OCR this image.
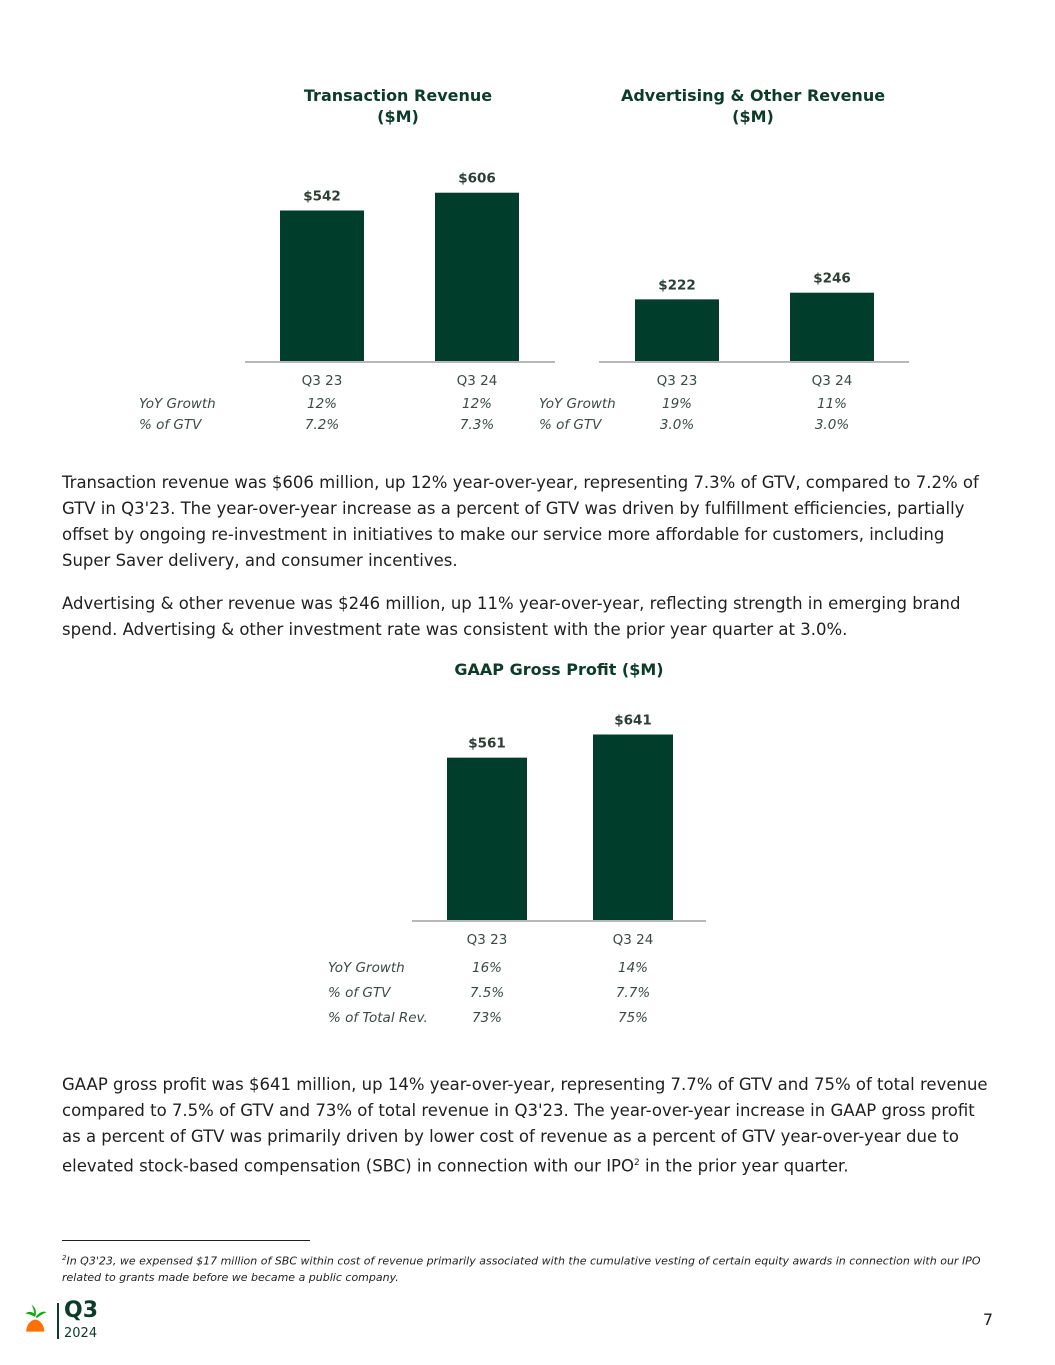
Transaction Revenue
($M)
$542
Q3 23
$606
Q3 24
YoY Growth	12%	12%
% of GTV	7.2%	7.3%
Advertising & Other Revenue
($M)
$222
Q3 23
$246
Q3 24
YoY Growth	19%	11%
% of GTV	3.0%	3.0%
GAAP Gross Profit ($M)
$561
Q3 23
$641
Q3 24
YoY Growth	16%	14%
% of GTV	7.5%	7.7%
% of Total Rev.	73%	75%

Transaction revenue was $606 million, up 12% year-over-year, representing 7.3% of GTV, compared to 7.2% of GTV in Q3'23. The year-over-year increase as a percent of GTV was driven by fulfillment efficiencies, partially offset by ongoing re-investment in initiatives to make our service more affordable for customers, including Super Saver delivery, and consumer incentives.

Advertising & other revenue was $246 million, up 11% year-over-year, reflecting strength in emerging brand spend. Advertising & other investment rate was consistent with the prior year quarter at 3.0%.

GAAP gross profit was $641 million, up 14% year-over-year, representing 7.7% of GTV and 75% of total revenue compared to 7.5% of GTV and 73% of total revenue in Q3'23. The year-over-year increase in GAAP gross profit as a percent of GTV was primarily driven by lower cost of revenue as a percent of GTV year-over-year due to elevated stock-based compensation (SBC) in connection with our IPO$^2$ in the prior year quarter.

$^2$In Q3'23, we expensed $17 million of SBC within cost of revenue primarily associated with the cumulative vesting of certain equity awards in connection with our IPO related to grants made before we became a public company.

Q3
2024
7
